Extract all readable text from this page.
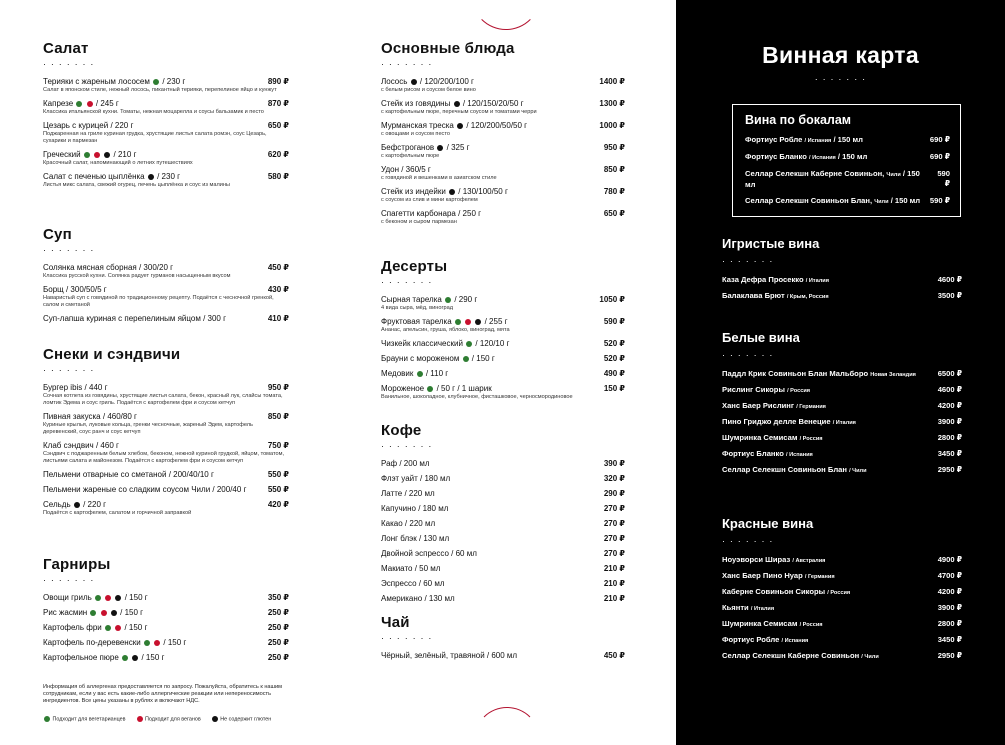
Салат
· · · · · · ·
Терияки с жареным лососем / 230 г	890 ₽
Салат в японском стиле, нежный лосось, пикантный терияки, перепелиное яйцо и кунжут
Капрезе	/ 245 г	870 ₽
Классика итальянской кухни. Томаты, нежная моцарелла и соусы бальзамик и песто
Цезарь с курицей / 220 г	650 ₽
Поджаренная на гриле куриная грудка, хрустящие листья салата ромэн, соус Цезарь, сухарики и пармезан
Греческий	/ 210 г	620 ₽
Красочный салат, напоминающий о летних путешествиях
Салат с печенью цыплёнка / 230 г	580 ₽
Листья микс салата, свежий огурец, печень цыплёнка и соус из малины
Суп
· · · · · · ·
Солянка мясная сборная / 300/20 г	450 ₽
Классика русской кухни. Солянка радует гурманов насыщенным вкусом
Борщ / 300/50/5 г	430 ₽
Наваристый суп с говядиной по традиционному рецепту. Подаётся с чесночной гренкой, салом и сметаной
Суп-лапша куриная с перепелиным яйцом / 300 г	410 ₽
Снеки и сэндвичи
· · · · · · ·
Бургер ibis / 440 г	950 ₽
Сочная котлета из говядины, хрустящие листья салата, бекон, красный лук, слайсы томата, ломтик Эдема и соус гриль. Подаётся с картофелем фри и соусом кетчуп
Пивная закуска / 460/80 г	850 ₽
Куриные крылья, луковые кольца, гренки чесночные, жареный Эдем, картофель деревенский, соус ранч и соус кетчуп
Клаб сэндвич / 460 г	750 ₽
Сэндвич с поджаренным белым хлебом, беконом, нежной куриной грудкой, яйцом, томатом, листьями салата и майонезом. Подаётся с картофелем фри и соусом кетчуп
Пельмени отварные со сметаной / 200/40/10 г	550 ₽
Пельмени жареные со сладким соусом Чили / 200/40 г	550 ₽
Сельдь / 220 г	420 ₽
Подаётся с картофелем, салатом и горчичной заправкой
Гарниры
· · · · · · ·
Овощи гриль	/ 150 г	350 ₽
Рис жасмин	/ 150 г	250 ₽
Картофель фри	/ 150 г	250 ₽
Картофель по-деревенски	/ 150 г	250 ₽
Картофельное пюре	/ 150 г	250 ₽
Основные блюда
· · · · · · ·
Лосось / 120/200/100 г	1400 ₽
с белым рисом и соусом белое вино
Стейк из говядины / 120/150/20/50 г	1300 ₽
с картофельным пюре, перечным соусом и томатами черри
Мурманская треска / 120/200/50/50 г	1000 ₽
с овощами и соусом песто
Бефстроганов / 325 г	950 ₽
с картофельным пюре
Удон / 360/5 г	850 ₽
с говядиной и вешенками в азиатском стиле
Стейк из индейки / 130/100/50 г	780 ₽
с соусом из слив и мини картофелем
Спагетти карбонара / 250 г	650 ₽
с беконом и сыром пармезан
Десерты
· · · · · · ·
Сырная тарелка / 290 г	1050 ₽
4 вида сыра, мёд, виноград
Фруктовая тарелка	/ 255 г	590 ₽
Ананас, апельсин, груша, яблоко, виноград, мята
Чизкейк классический / 120/10 г	520 ₽
Брауни с мороженом / 150 г	520 ₽
Медовик / 110 г	490 ₽
Мороженое / 50 г / 1 шарик	150 ₽
Ванильное, шоколадное, клубничное, фисташковое, черносмородиновое
Кофе
· · · · · · ·
Раф / 200 мл	390 ₽
Флэт уайт / 180 мл	320 ₽
Латте / 220 мл	290 ₽
Капучино / 180 мл	270 ₽
Какао / 220 мл	270 ₽
Лонг блэк / 130 мл	270 ₽
Двойной эспрессо / 60 мл	270 ₽
Макиато / 50 мл	210 ₽
Эспрессо / 60 мл	210 ₽
Американо / 130 мл	210 ₽
Чай
· · · · · · ·
Чёрный, зелёный, травяной / 600 мл	450 ₽
Информация об аллергенах предоставляется по запросу. Пожалуйста, обратитесь к нашим сотрудникам, если у вас есть какие-либо аллергические реакции или непереносимость ингредиентов. Все цены указаны в рублях и включают НДС.
Подходит для вегетарианцев	Подходит для веганов	Не содержит глютен
Винная карта
· · · · · · ·
Вина по бокалам
Фортиус Робле / Испания / 150 мл	690 ₽
Фортиус Бланко / Испания / 150 мл	690 ₽
Селлар Селекшн Каберне Совиньон, Чили / 150 мл
590 ₽
Селлар Селекшн Совиньон Блан, Чили / 150 мл 590 ₽
Игристые вина
· · · · · · ·
Каза Дефра Просекко / Италия	4600 ₽
Балаклава Брют / Крым, Россия	3500 ₽
Белые вина
· · · · · · ·
Паддл Крик Совиньон Блан Мальборо Новая Зеландия	6500 ₽
Рислинг Сикоры / Россия	4600 ₽
Ханс Баер Рислинг / Германия	4200 ₽
Пино Гриджо делле Венецие / Италия	3900 ₽
Шумринка Семисам / Россия	2800 ₽
Фортиус Бланко / Испания	3450 ₽
Селлар Селекшн Совиньон Блан / Чили	2950 ₽
Красные вина
· · · · · · ·
Ноуэворси Шираз / Австралия	4900 ₽
Ханс Баер Пино Нуар / Германия	4700 ₽
Каберне Совиньон Сикоры / Россия	4200 ₽
Кьянти / Италия	3900 ₽
Шумринка Семисам / Россия	2800 ₽
Фортиус Робле / Испания	3450 ₽
Селлар Селекшн Каберне Совиньон / Чили	2950 ₽
